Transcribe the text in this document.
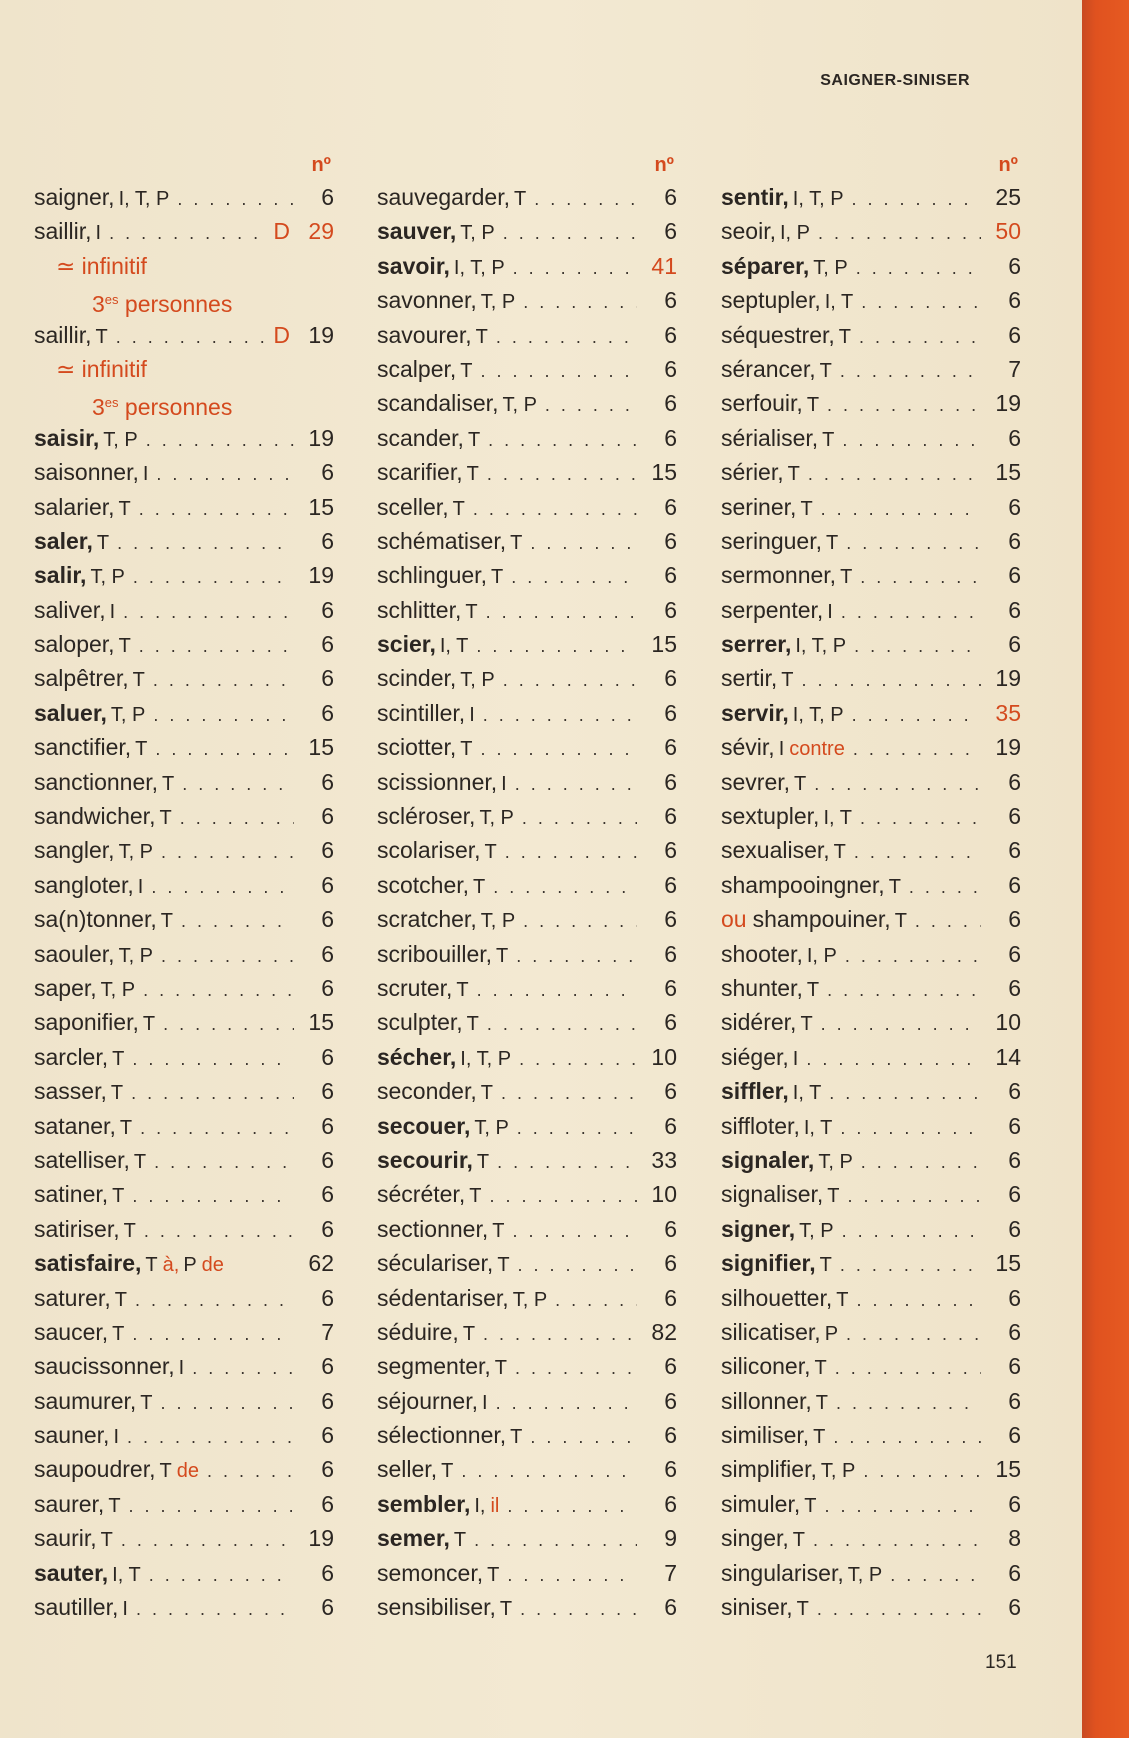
SAIGNER-SINISER
nº
saigner, I, T, P . . .	6
saillir, I . . .	D 29
≃ infinitif
$3^{es}$ personnes
saillir, T . . .	D 19
≃ infinitif
$3^{es}$ personnes
saisir, T, P . . .	19
saisonner, I . . .	6
salarier, T . . .	15
saler, T . . .	6
salir, T, P . . .	19
saliver, I . . .	6
saloper, T . . .	6
salpêtrer, T . . .	6
saluer, T, P . . .	6
sanctifier, T . . .	15
sanctionner, T . . .	6
sandwicher, T . . .	6
sangler, T, P . . .	6
sangloter, I . . .	6
sa(n)tonner, T . . .	6
saouler, T, P . . .	6
saper, T, P . . .	6
saponifier, T . . .	15
sarcler, T . . .	6
sasser, T . . .	6
sataner, T . . .	6
satelliser, T . . .	6
satiner, T . . .	6
satiriser, T . . .	6
satisfaire, T à, P de	62
saturer, T . . .	6
saucer, T . . .	7
saucissonner, I . . .	6
saumurer, T . . .	6
sauner, I . . .	6
saupoudrer, T de . . .	6
saurer, T . . .	6
saurir, T . . .	19
sauter, I, T . . .	6
sautiller, I . . .	6
nº
sauvegarder, T . . .	6
sauver, T, P . . .	6
savoir, I, T, P . . .	41
savonner, T, P . . .	6
savourer, T . . .	6
scalper, T . . .	6
scandaliser, T, P . . .	6
scander, T . . .	6
scarifier, T . . .	15
sceller, T . . .	6
schématiser, T . . .	6
schlinguer, T . . .	6
schlitter, T . . .	6
scier, I, T . . .	15
scinder, T, P . . .	6
scintiller, I . . .	6
sciotter, T . . .	6
scissionner, I . . .	6
scléroser, T, P . . .	6
scolariser, T . . .	6
scotcher, T . . .	6
scratcher, T, P . . .	6
scribouiller, T . . .	6
scruter, T . . .	6
sculpter, T . . .	6
sécher, I, T, P . . .	10
seconder, T . . .	6
secouer, T, P . . .	6
secourir, T . . .	33
sécréter, T . . .	10
sectionner, T . . .	6
séculariser, T . . .	6
sédentariser, T, P . . .	6
séduire, T . . .	82
segmenter, T . . .	6
séjourner, I . . .	6
sélectionner, T . . .	6
seller, T . . .	6
sembler, I, il . . .	6
semer, T . . .	9
semoncer, T . . .	7
sensibiliser, T . . .	6
nº
sentir, I, T, P . . .	25
seoir, I, P . . .	50
séparer, T, P . . .	6
septupler, I, T . . .	6
séquestrer, T . . .	6
sérancer, T . . .	7
serfouir, T . . .	19
sérialiser, T . . .	6
sérier, T . . .	15
seriner, T . . .	6
seringuer, T . . .	6
sermonner, T . . .	6
serpenter, I . . .	6
serrer, I, T, P . . .	6
sertir, T . . .	19
servir, I, T, P . . .	35
sévir, I contre . . .	19
sevrer, T . . .	6
sextupler, I, T . . .	6
sexualiser, T . . .	6
shampooingner, T . . .	6
ou shampouiner, T . . .	6
shooter, I, P . . .	6
shunter, T . . .	6
sidérer, T . . .	10
siéger, I . . .	14
siffler, I, T . . .	6
siffloter, I, T . . .	6
signaler, T, P . . .	6
signaliser, T . . .	6
signer, T, P . . .	6
signifier, T . . .	15
silhouetter, T . . .	6
silicatiser, P . . .	6
siliconer, T . . .	6
sillonner, T . . .	6
similiser, T . . .	6
simplifier, T, P . . .	15
simuler, T . . .	6
singer, T . . .	8
singulariser, T, P . . .	6
siniser, T . . .	6
151
